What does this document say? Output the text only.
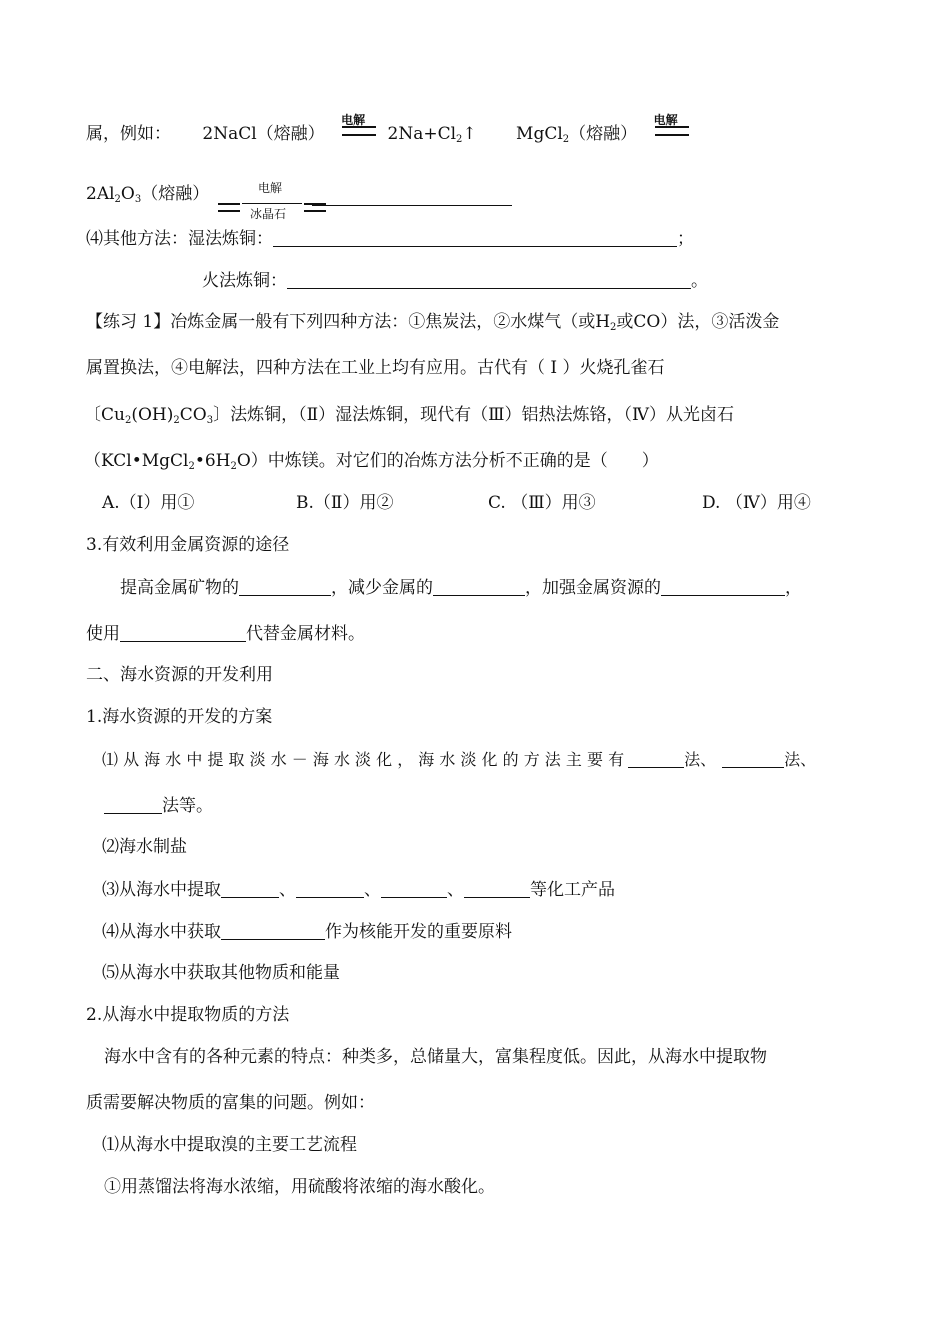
属，例如： 2NaCl（熔融）
电解
$2Na+Cl_2↑$ MgCl$_2$（熔融）
电解
$2Al_2O_3$（熔融）	电解
冰晶石
⑷其他方法：湿法炼铜：	；
火法炼铜：	。
【练习 1】冶炼金属一般有下列四种方法：①焦炭法，②水煤气（或$H_2$或CO）法，③活泼金
属置换法，④电解法，四种方法在工业上均有应用。古代有（ I ）火烧孔雀石
〔$Cu_2(OH)_2CO_3$〕法炼铜，（Ⅱ）湿法炼铜，现代有（Ⅲ）铝热法炼铬，（Ⅳ）从光卤石
$(KCl•MgCl_2•6H_2O)$中炼镁。对它们的冶炼方法分析不正确的是（　　）
A.（Ⅰ）用①	B.（Ⅱ）用②	C. （Ⅲ）用③	D. （Ⅳ）用④
3.有效利用金属资源的途径
提高金属矿物的	，减少金属的	，加强金属资源的	，
使用	代替金属材料。
二、海水资源的开发利用
1.海水资源的开发的方案
⑴ 从 海 水 中 提 取 淡 水 － 海 水 淡 化 ， 海 水 淡 化 的 方 法 主 要 有	法、	法、
法等。
⑵海水制盐
⑶从海水中提取	、	、	、	等化工产品
⑷从海水中获取	作为核能开发的重要原料
⑸从海水中获取其他物质和能量
2.从海水中提取物质的方法
海水中含有的各种元素的特点：种类多，总储量大，富集程度低。因此，从海水中提取物
质需要解决物质的富集的问题。例如：
⑴从海水中提取溴的主要工艺流程
①用蒸馏法将海水浓缩，用硫酸将浓缩的海水酸化。
